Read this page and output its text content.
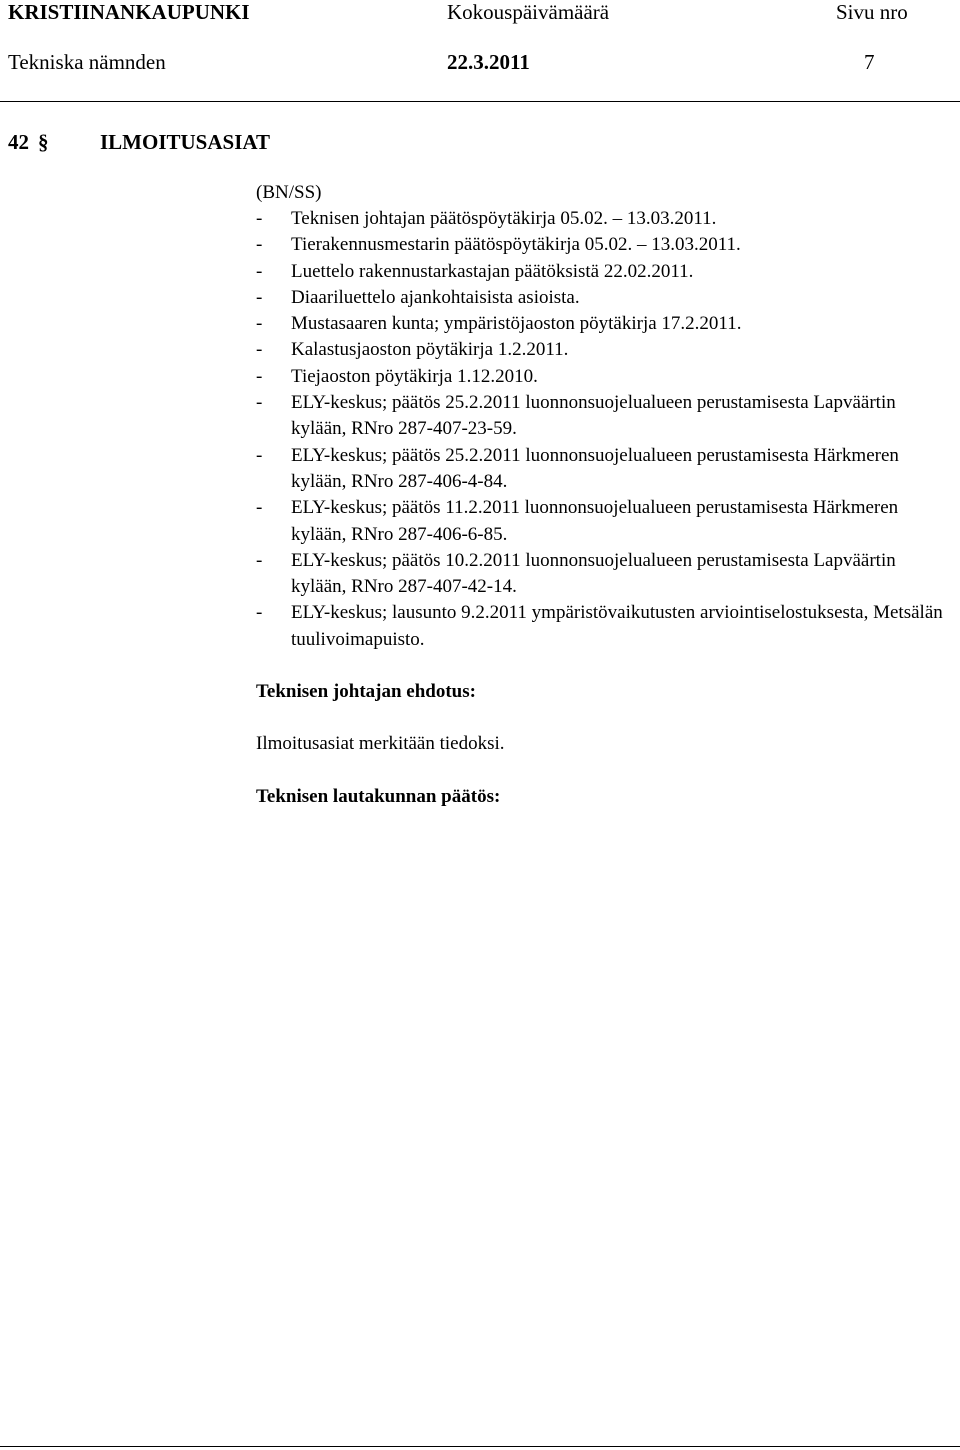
KRISTIINANKAUPUNKI	Kokouspäivämäärä	Sivu nro
Tekniska nämnden	22.3.2011	7
42 § ILMOITUSASIAT
(BN/SS)
- Teknisen johtajan päätöspöytäkirja 05.02. – 13.03.2011.
- Tierakennusmestarin päätöspöytäkirja 05.02. – 13.03.2011.
- Luettelo rakennustarkastajan päätöksistä 22.02.2011.
- Diaariluettelo ajankohtaisista asioista.
- Mustasaaren kunta; ympäristöjaoston pöytäkirja 17.2.2011.
- Kalastusjaoston pöytäkirja 1.2.2011.
- Tiejaoston pöytäkirja 1.12.2010.
- ELY-keskus; päätös 25.2.2011 luonnonsuojelualueen perustamisesta Lapväärtin kylään, RNro 287-407-23-59.
- ELY-keskus; päätös 25.2.2011 luonnonsuojelualueen perustamisesta Härkmeren kylään, RNro 287-406-4-84.
- ELY-keskus; päätös 11.2.2011 luonnonsuojelualueen perustamisesta Härkmeren kylään, RNro 287-406-6-85.
- ELY-keskus; päätös 10.2.2011 luonnonsuojelualueen perustamisesta Lapväärtin kylään, RNro 287-407-42-14.
- ELY-keskus; lausunto 9.2.2011 ympäristövaikutusten arviointiselostuksesta, Metsälän tuulivoimapuisto.
Teknisen johtajan ehdotus:
Ilmoitusasiat merkitään tiedoksi.
Teknisen lautakunnan päätös:
